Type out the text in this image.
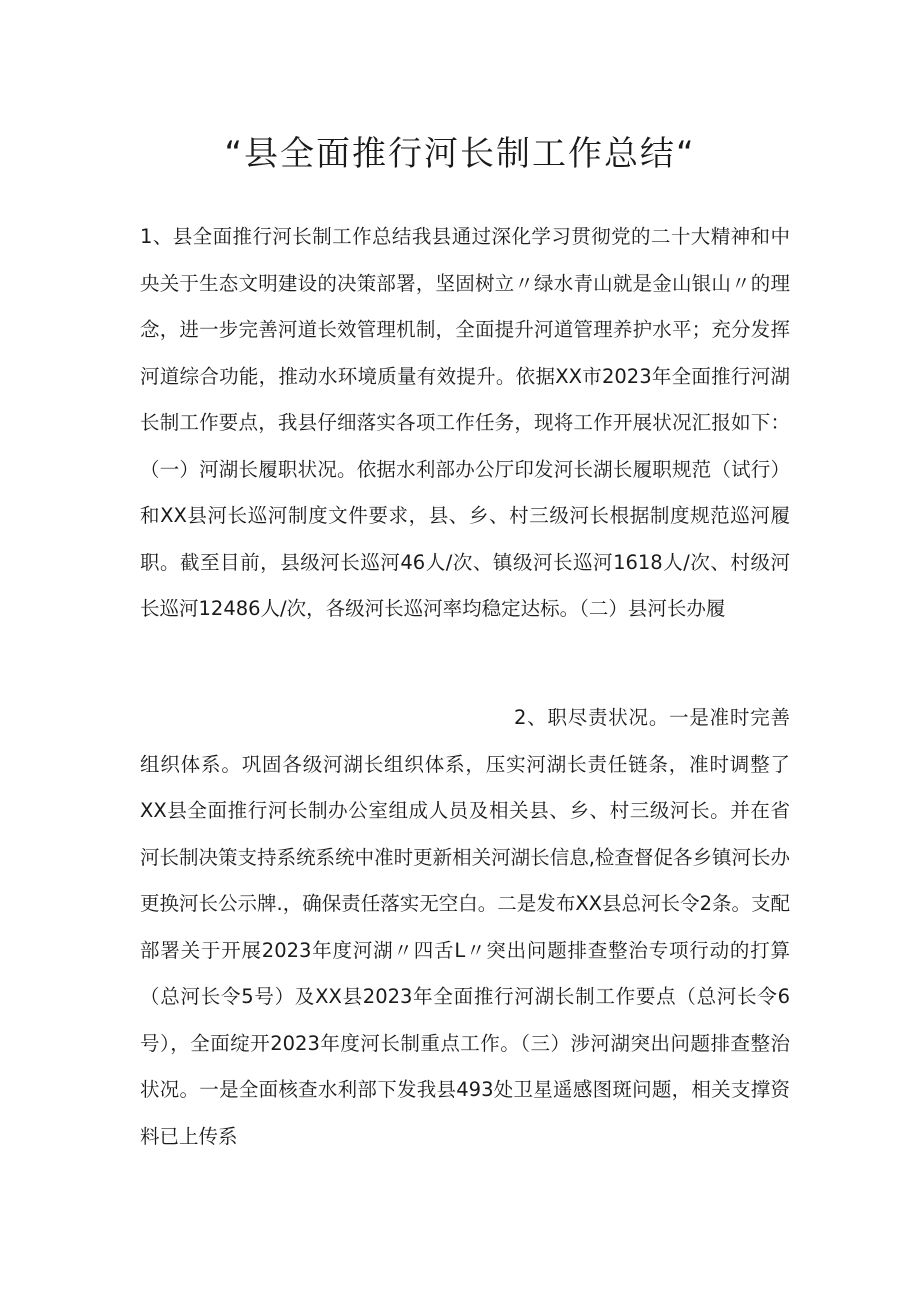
“县全面推行河长制工作总结“

1、县全面推行河长制工作总结我县通过深化学习贯彻党的二十大精神和中央关于生态文明建设的决策部署，坚固树立〃绿水青山就是金山银山〃的理念，进一步完善河道长效管理机制，全面提升河道管理养护水平；充分发挥河道综合功能，推动水环境质量有效提升。依据XX市2023年全面推行河湖长制工作要点，我县仔细落实各项工作任务，现将工作开展状况汇报如下：（一）河湖长履职状况。依据水利部办公厅印发河长湖长履职规范（试行）和XX县河长巡河制度文件要求，县、乡、村三级河长根据制度规范巡河履职。截至目前，县级河长巡河46人/次、镇级河长巡河1618人/次、村级河长巡河12486人/次，各级河长巡河率均稳定达标。（二）县河长办履

2、职尽责状况。一是准时完善组织体系。巩固各级河湖长组织体系，压实河湖长责任链条，准时调整了XX县全面推行河长制办公室组成人员及相关县、乡、村三级河长。并在省河长制决策支持系统系统中准时更新相关河湖长信息,检查督促各乡镇河长办更换河长公示牌.，确保责任落实无空白。二是发布XX县总河长令2条。支配部署关于开展2023年度河湖〃四舌L〃突出问题排查整治专项行动的打算（总河长令5号）及XX县2023年全面推行河湖长制工作要点（总河长令6号），全面绽开2023年度河长制重点工作。（三）涉河湖突出问题排查整治状况。一是全面核查水利部下发我县493处卫星遥感图斑问题，相关支撑资料已上传系
